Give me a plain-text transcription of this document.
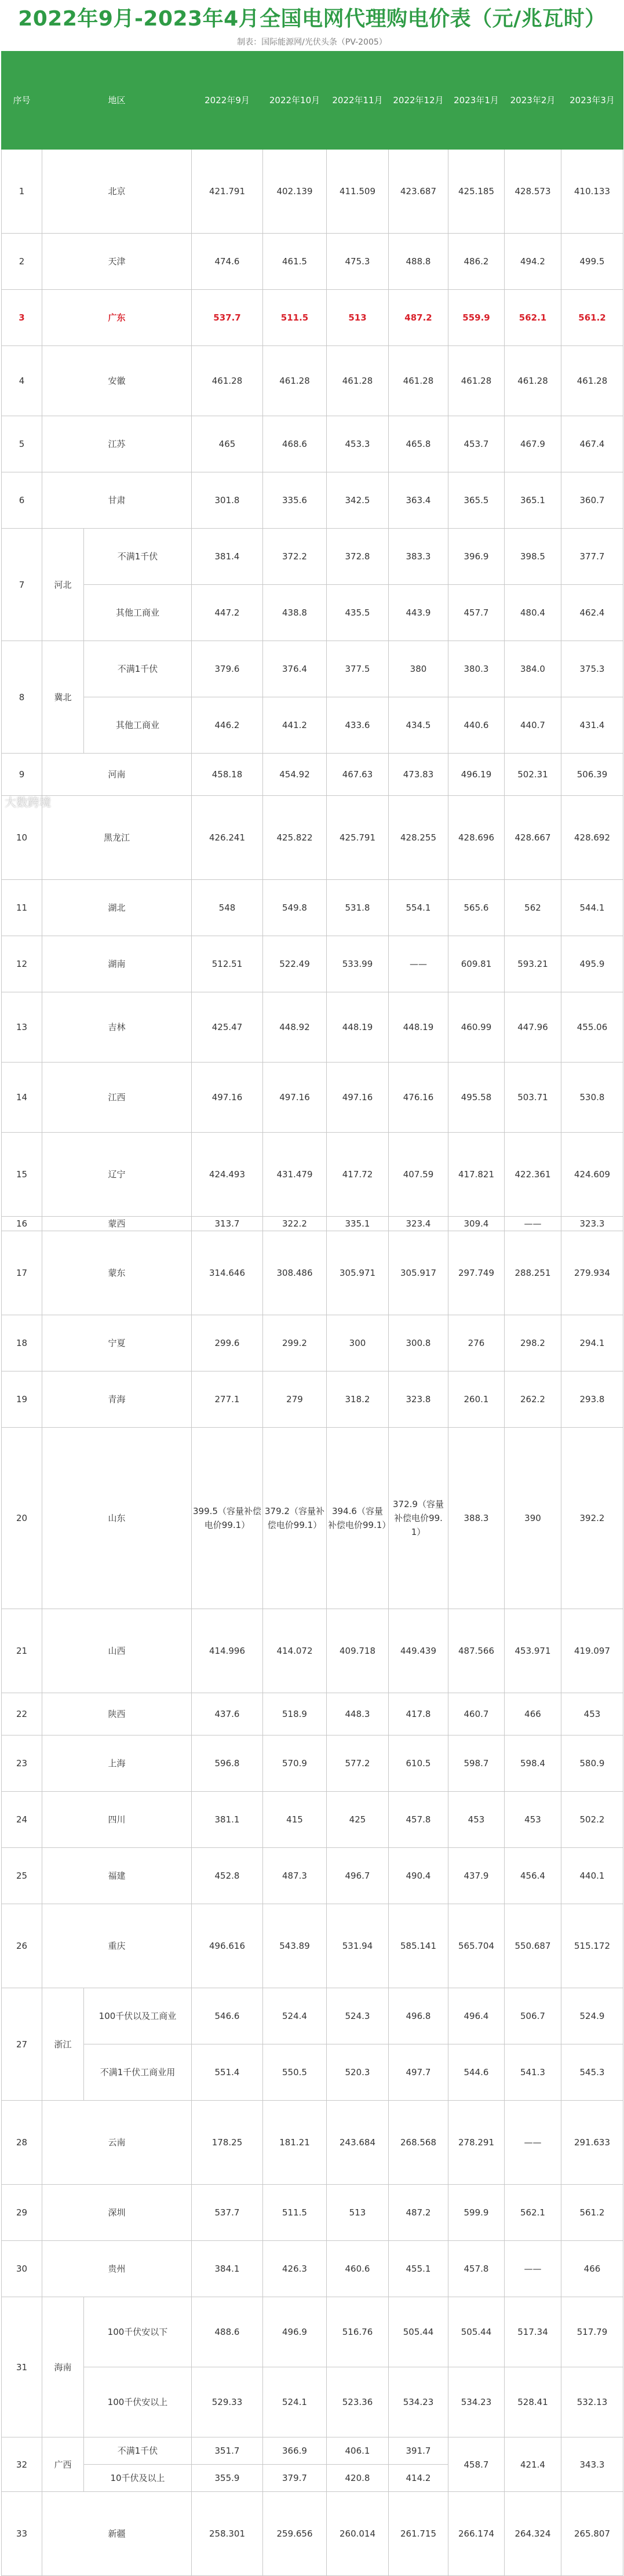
2022年9月-2023年4月全国电网代理购电价表（元/兆瓦时）
制表：国际能源网/光伏头条（PV-2005）
序号	地区		2022年9月	2022年10月	2022年11月	2022年12月	2023年1月	2023年2月	2023年3月	
1	北京		421.791	402.139	411.509	423.687	425.185	428.573	410.133	
2	天津		474.6	461.5	475.3	488.8	486.2	494.2	499.5	
3	广东		537.7	511.5	513	487.2	559.9	562.1	561.2	
4	安徽		461.28	461.28	461.28	461.28	461.28	461.28	461.28	
5	江苏		465	468.6	453.3	465.8	453.7	467.9	467.4	
6	甘肃		301.8	335.6	342.5	363.4	365.5	365.1	360.7	
7	河北	不满1千伏	381.4	372.2	372.8	383.3	396.9	398.5	377.7	
		其他工商业	447.2	438.8	435.5	443.9	457.7	480.4	462.4	
8	冀北	不满1千伏	379.6	376.4	377.5	380	380.3	384.0	375.3	
		其他工商业	446.2	441.2	433.6	434.5	440.6	440.7	431.4	
9	河南		458.18	454.92	467.63	473.83	496.19	502.31	506.39	
10	黑龙江		426.241	425.822	425.791	428.255	428.696	428.667	428.692	
11	湖北		548	549.8	531.8	554.1	565.6	562	544.1	
12	湖南		512.51	522.49	533.99	——	609.81	593.21	495.9	
13	吉林		425.47	448.92	448.19	448.19	460.99	447.96	455.06	
14	江西		497.16	497.16	497.16	476.16	495.58	503.71	530.8	
15	辽宁		424.493	431.479	417.72	407.59	417.821	422.361	424.609	
16	蒙西		313.7	322.2	335.1	323.4	309.4	——	323.3	
17	蒙东		314.646	308.486	305.971	305.917	297.749	288.251	279.934	
18	宁夏		299.6	299.2	300	300.8	276	298.2	294.1	
19	青海		277.1	279	318.2	323.8	260.1	262.2	293.8	
20	山东		399.5（容量补偿电价99.1）	379.2（容量补偿电价99.1）	394.6（容量补偿电价99.1）	372.9（容量补偿电价99.1）	388.3	390	392.2	
21	山西		414.996	414.072	409.718	449.439	487.566	453.971	419.097	
22	陕西		437.6	518.9	448.3	417.8	460.7	466	453	
23	上海		596.8	570.9	577.2	610.5	598.7	598.4	580.9	
24	四川		381.1	415	425	457.8	453	453	502.2	
25	福建		452.8	487.3	496.7	490.4	437.9	456.4	440.1	
26	重庆		496.616	543.89	531.94	585.141	565.704	550.687	515.172	
27	浙江	100千伏以及工商业	546.6	524.4	524.3	496.8	496.4	506.7	524.9	
		不满1千伏工商业用	551.4	550.5	520.3	497.7	544.6	541.3	545.3	
28	云南		178.25	181.21	243.684	268.568	278.291	——	291.633	
29	深圳		537.7	511.5	513	487.2	599.9	562.1	561.2	
30	贵州		384.1	426.3	460.6	455.1	457.8	——	466	
31	海南	100千伏安以下	488.6	496.9	516.76	505.44	505.44	517.34	517.79	
		100千伏安以上	529.33	524.1	523.36	534.23	534.23	528.41	532.13	
32	广西	不满1千伏	351.7	366.9	406.1	391.7	458.7	421.4	343.3	
		10千伏及以上	355.9	379.7	420.8	414.2				
33	新疆		258.301	259.656	260.014	261.715	266.174	264.324	265.807	
大数跨境
